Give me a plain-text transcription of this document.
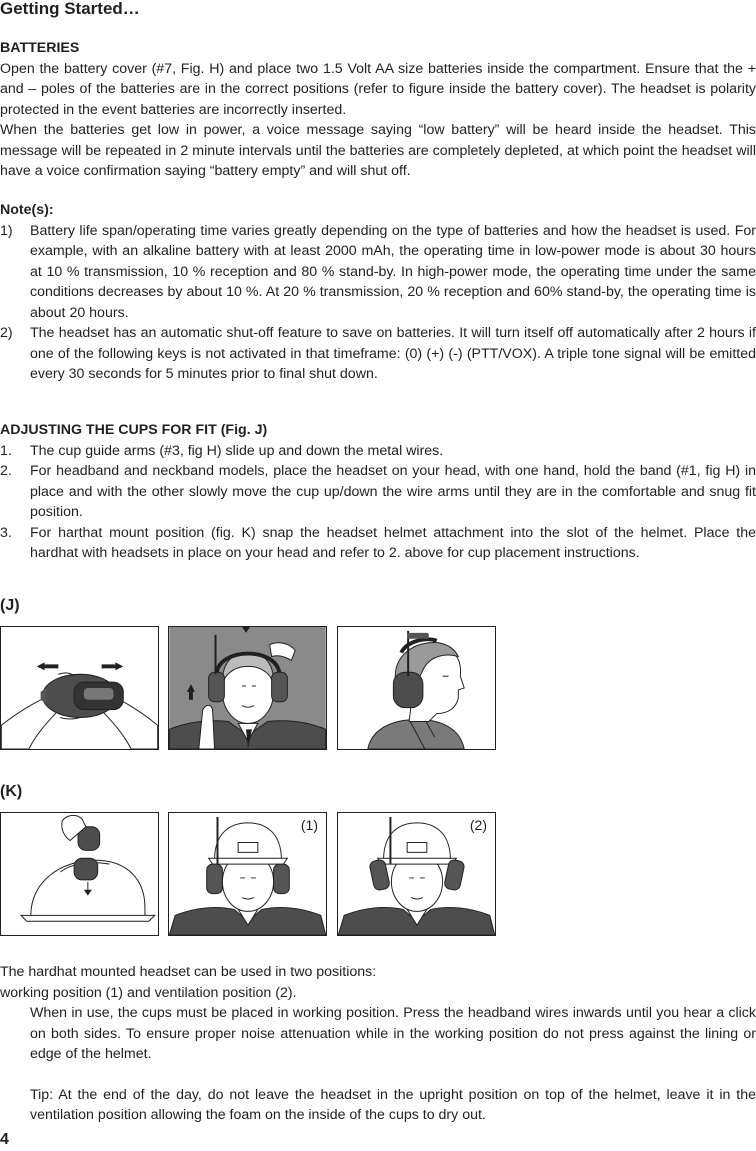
Getting Started…
BATTERIES

Open the battery cover (#7, Fig. H) and place two 1.5 Volt AA size batteries inside the compartment. Ensure that the + and – poles of the batteries are in the correct positions (refer to figure inside the battery cover). The headset is polarity protected in the event batteries are incorrectly inserted.

When the batteries get low in power, a voice message saying “low battery” will be heard inside the headset. This message will be repeated in 2 minute intervals until the batteries are completely depleted, at which point the headset will have a voice confirmation saying “battery empty” and will shut off.

Note(s):
1) Battery life span/operating time varies greatly depending on the type of batteries and how the headset is used. For example, with an alkaline battery with at least 2000 mAh, the operating time in low-power mode is about 30 hours at 10 % transmission, 10 % reception and 80 % stand-by. In high-power mode, the operating time under the same conditions decreases by about 10 %. At 20 % transmission, 20 % reception and 60% stand-by, the operating time is about 20 hours.
2) The headset has an automatic shut-off feature to save on batteries. It will turn itself off automatically after 2 hours if one of the following keys is not activated in that timeframe: (0) (+) (-) (PTT/VOX). A triple tone signal will be emitted every 30 seconds for 5 minutes prior to final shut down.
ADJUSTING THE CUPS FOR FIT (Fig. J)
1. The cup guide arms (#3, fig H) slide up and down the metal wires.
2. For headband and neckband models, place the headset on your head, with one hand, hold the band (#1, fig H) in place and with the other slowly move the cup up/down the wire arms until they are in the comfortable and snug fit position.
3. For harthat mount position (fig. K) snap the headset helmet attachment into the slot of the helmet. Place the hardhat with headsets in place on your head and refer to 2. above for cup placement instructions.
(J)
(K)
(1)	(2)
The hardhat mounted headset can be used in two positions:
working position (1) and ventilation position (2).

When in use, the cups must be placed in working position. Press the headband wires inwards until you hear a click on both sides. To ensure proper noise attenuation while in the working position do not press against the lining or edge of the helmet.

Tip: At the end of the day, do not leave the headset in the upright position on top of the helmet, leave it in the ventilation position allowing the foam on the inside of the cups to dry out.

4
